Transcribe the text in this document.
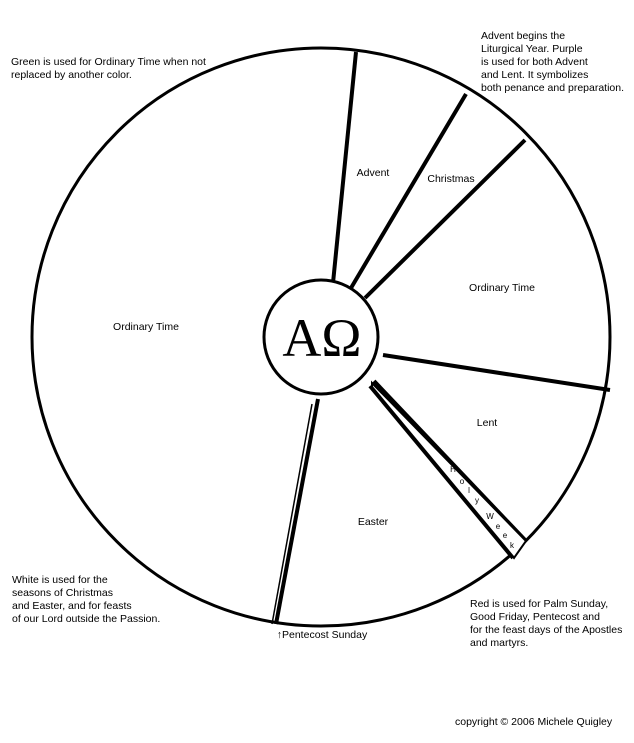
AΩ
Ordinary Time
Advent	Christmas
Ordinary Time
Lent
Easter
↑Pentecost Sunday
H
o
l
y
W
e
e
k

Green is used for Ordinary Time when not
replaced by another color.

Advent begins the
Liturgical Year. Purple
is used for both Advent
and Lent. It symbolizes
both penance and preparation.

White is used for the
seasons of Christmas
and Easter, and for feasts
of our Lord outside the Passion.

Red is used for Palm Sunday,
Good Friday, Pentecost and
for the feast days of the Apostles
and martyrs.

copyright © 2006 Michele Quigley
